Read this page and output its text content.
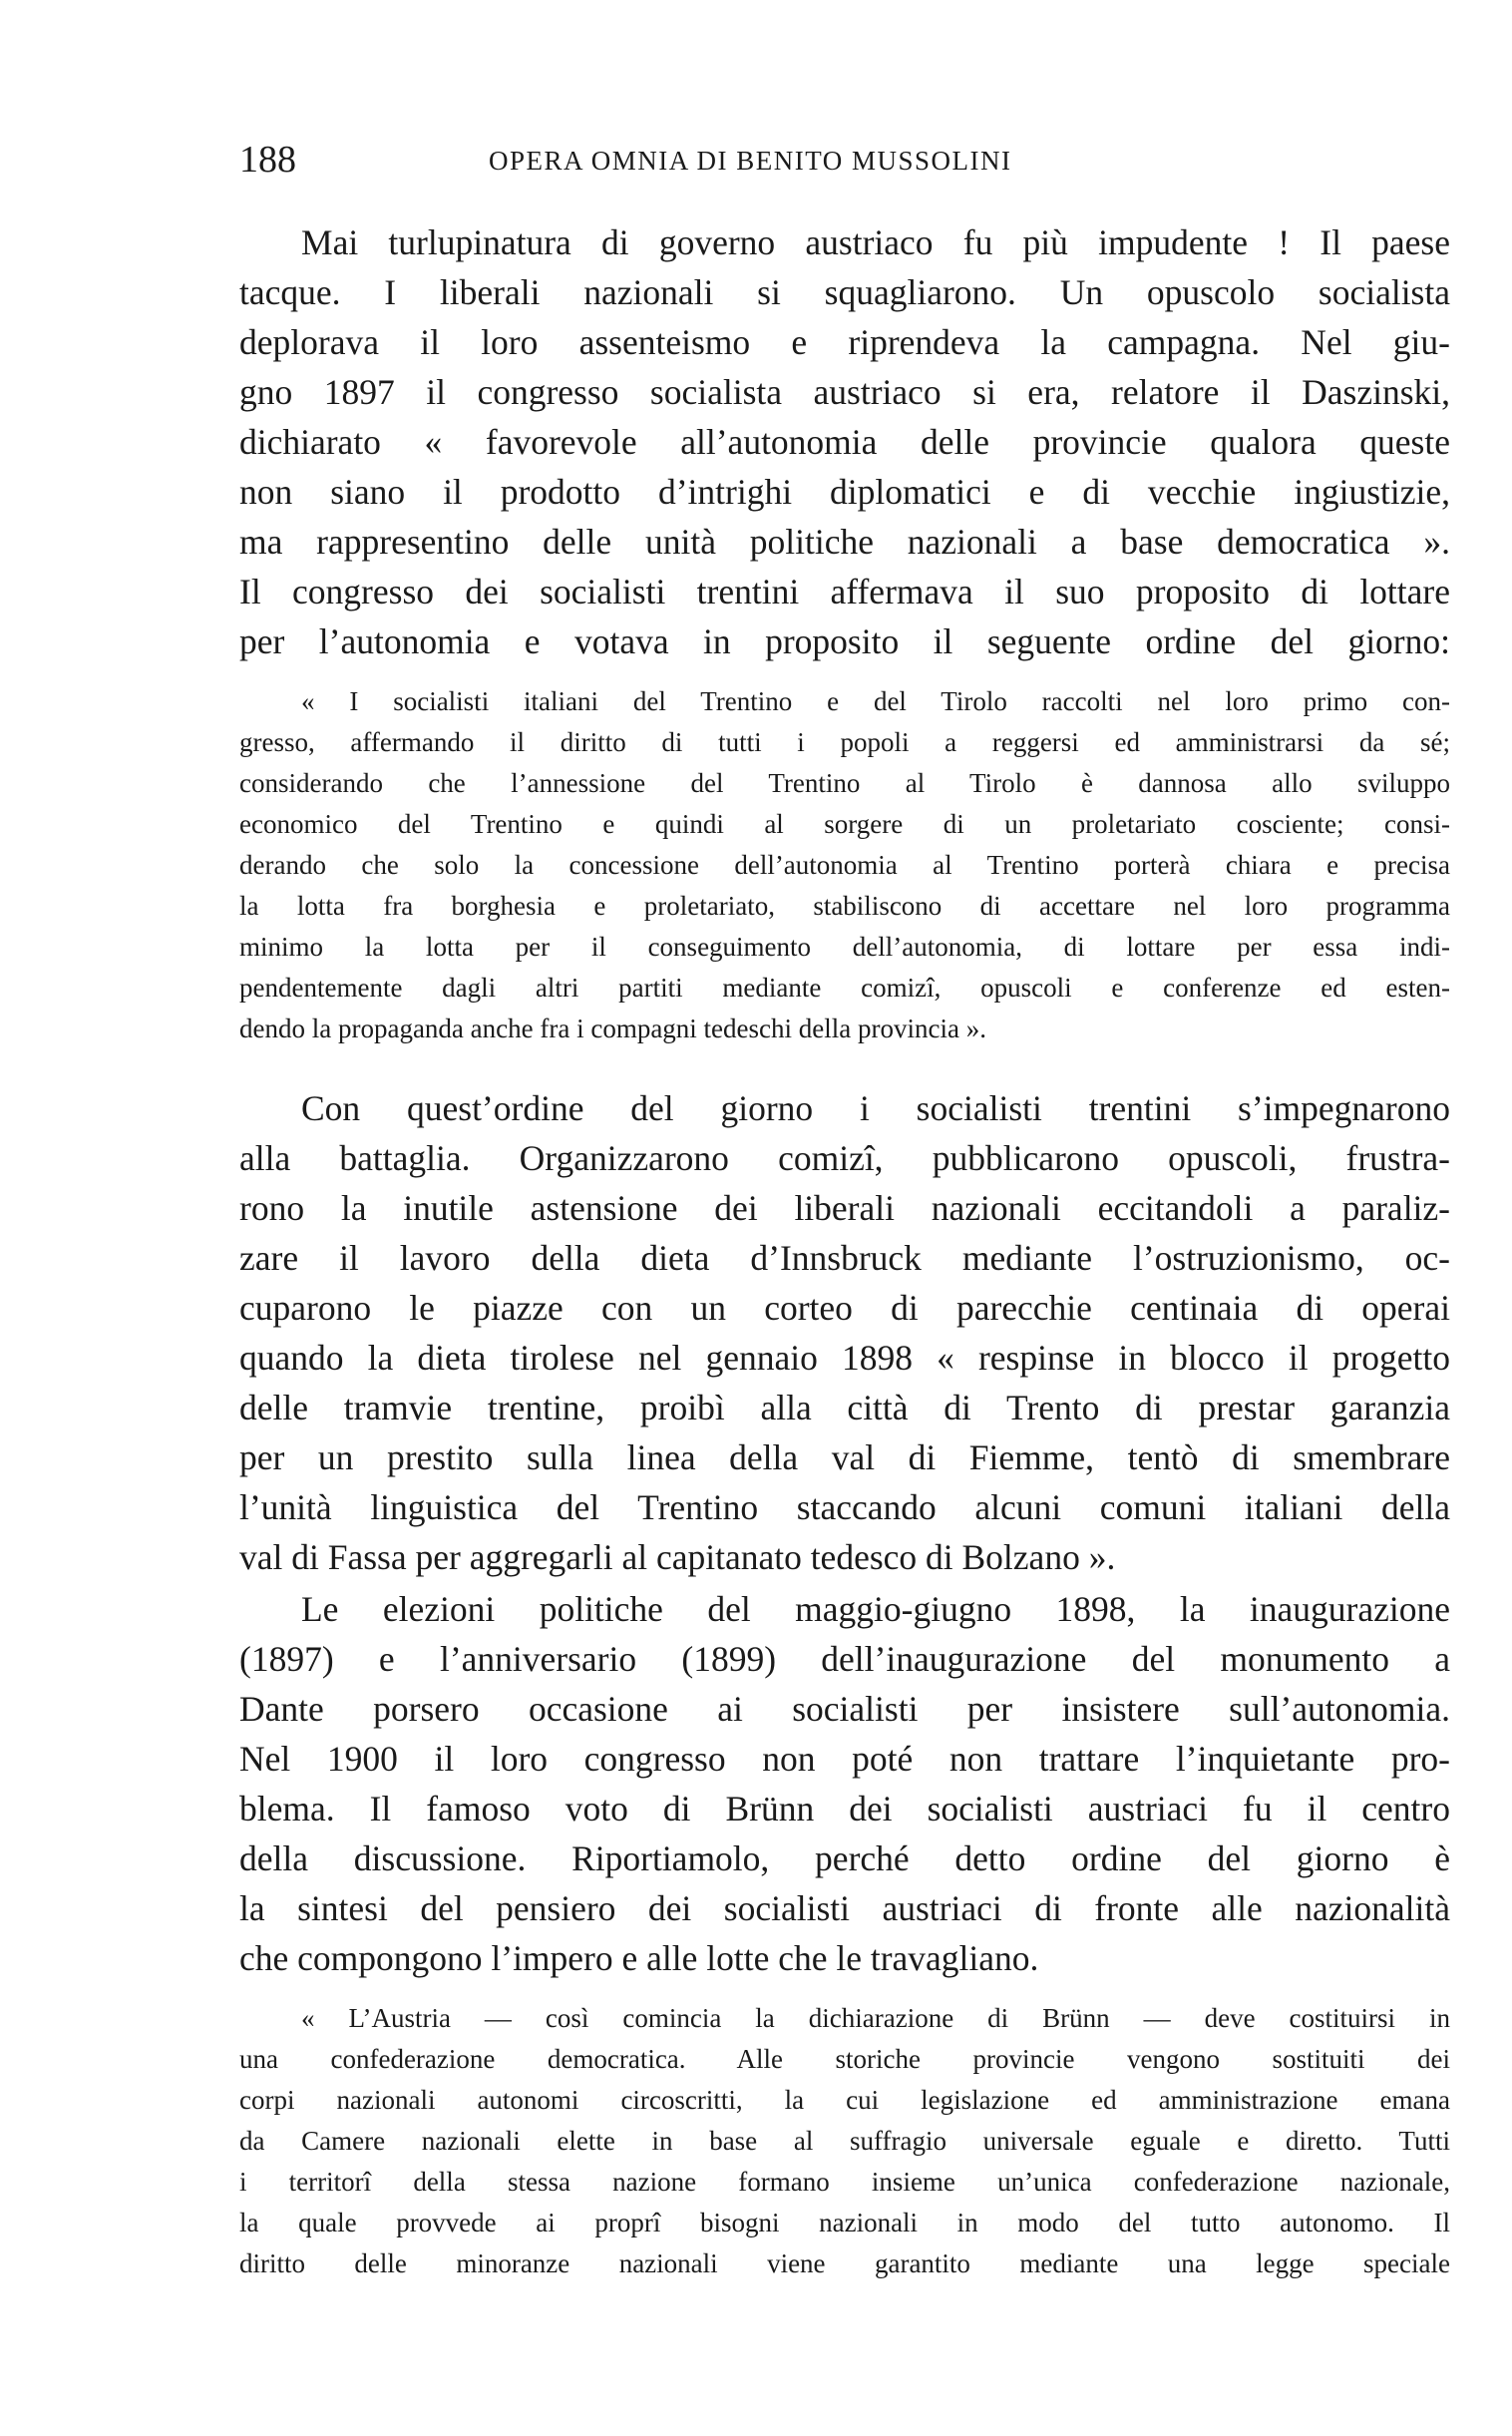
188	OPERA OMNIA DI BENITO MUSSOLINI
Mai turlupinatura di governo austriaco fu più impudente ! Il paese
tacque. I liberali nazionali si squagliarono. Un opuscolo socialista
deplorava il loro assenteismo e riprendeva la campagna. Nel giu-
gno 1897 il congresso socialista austriaco si era, relatore il Daszinski,
dichiarato « favorevole all’autonomia delle provincie qualora queste
non siano il prodotto d’intrighi diplomatici e di vecchie ingiustizie,
ma rappresentino delle unità politiche nazionali a base democratica ».
Il congresso dei socialisti trentini affermava il suo proposito di lottare
per l’autonomia e votava in proposito il seguente ordine del giorno:
« I socialisti italiani del Trentino e del Tirolo raccolti nel loro primo con-
gresso, affermando il diritto di tutti i popoli a reggersi ed amministrarsi da sé;
considerando che l’annessione del Trentino al Tirolo è dannosa allo sviluppo
economico del Trentino e quindi al sorgere di un proletariato cosciente; consi-
derando che solo la concessione dell’autonomia al Trentino porterà chiara e precisa
la lotta fra borghesia e proletariato, stabiliscono di accettare nel loro programma
minimo la lotta per il conseguimento dell’autonomia, di lottare per essa indi-
pendentemente dagli altri partiti mediante comizî, opuscoli e conferenze ed esten-
dendo la propaganda anche fra i compagni tedeschi della provincia ».
Con quest’ordine del giorno i socialisti trentini s’impegnarono
alla battaglia. Organizzarono comizî, pubblicarono opuscoli, frustra-
rono la inutile astensione dei liberali nazionali eccitandoli a paraliz-
zare il lavoro della dieta d’Innsbruck mediante l’ostruzionismo, oc-
cuparono le piazze con un corteo di parecchie centinaia di operai
quando la dieta tirolese nel gennaio 1898 « respinse in blocco il progetto
delle tramvie trentine, proibì alla città di Trento di prestar garanzia
per un prestito sulla linea della val di Fiemme, tentò di smembrare
l’unità linguistica del Trentino staccando alcuni comuni italiani della
val di Fassa per aggregarli al capitanato tedesco di Bolzano ».
Le elezioni politiche del maggio-giugno 1898, la inaugurazione
(1897) e l’anniversario (1899) dell’inaugurazione del monumento a
Dante porsero occasione ai socialisti per insistere sull’autonomia.
Nel 1900 il loro congresso non poté non trattare l’inquietante pro-
blema. Il famoso voto di Brünn dei socialisti austriaci fu il centro
della discussione. Riportiamolo, perché detto ordine del giorno è
la sintesi del pensiero dei socialisti austriaci di fronte alle nazionalità
che compongono l’impero e alle lotte che le travagliano.
« L’Austria — così comincia la dichiarazione di Brünn — deve costituirsi in
una confederazione democratica. Alle storiche provincie vengono sostituiti dei
corpi nazionali autonomi circoscritti, la cui legislazione ed amministrazione emana
da Camere nazionali elette in base al suffragio universale eguale e diretto. Tutti
i territorî della stessa nazione formano insieme un’unica confederazione nazionale,
la quale provvede ai proprî bisogni nazionali in modo del tutto autonomo. Il
diritto delle minoranze nazionali viene garantito mediante una legge speciale
